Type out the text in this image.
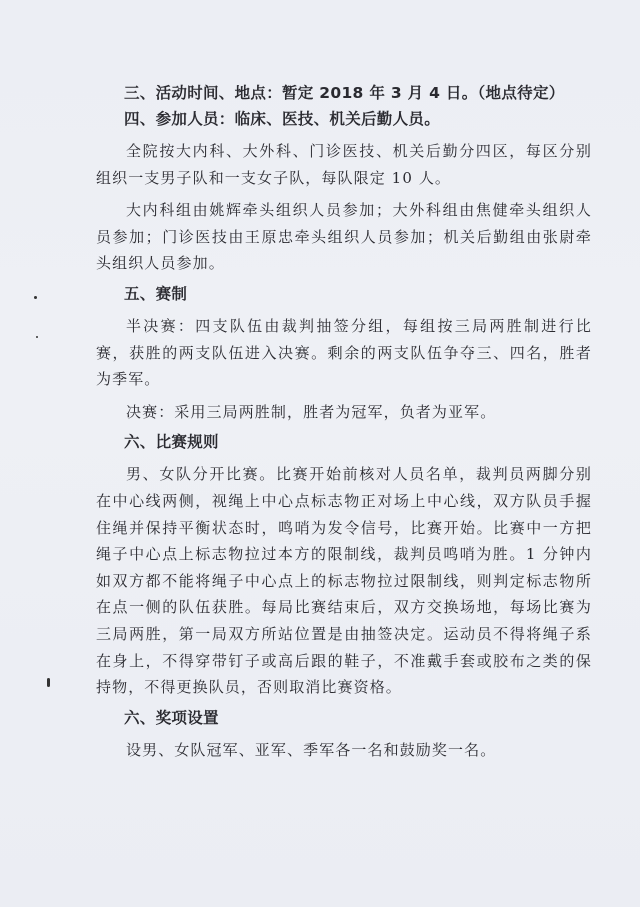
三、活动时间、地点：暂定 2018 年 3 月 4 日。（地点待定）
四、参加人员：临床、医技、机关后勤人员。

全院按大内科、大外科、门诊医技、机关后勤分四区，每区分别组织一支男子队和一支女子队，每队限定 10 人。

大内科组由姚辉牵头组织人员参加；大外科组由焦健牵头组织人员参加；门诊医技由王原忠牵头组织人员参加；机关后勤组由张尉牵头组织人员参加。

五、赛制

半决赛：四支队伍由裁判抽签分组，每组按三局两胜制进行比赛，获胜的两支队伍进入决赛。剩余的两支队伍争夺三、四名，胜者为季军。

决赛：采用三局两胜制，胜者为冠军，负者为亚军。

六、比赛规则

男、女队分开比赛。比赛开始前核对人员名单，裁判员两脚分别在中心线两侧，视绳上中心点标志物正对场上中心线，双方队员手握住绳并保持平衡状态时，鸣哨为发令信号，比赛开始。比赛中一方把绳子中心点上标志物拉过本方的限制线，裁判员鸣哨为胜。1 分钟内如双方都不能将绳子中心点上的标志物拉过限制线，则判定标志物所在点一侧的队伍获胜。每局比赛结束后，双方交换场地，每场比赛为三局两胜，第一局双方所站位置是由抽签决定。运动员不得将绳子系在身上，不得穿带钉子或高后跟的鞋子，不准戴手套或胶布之类的保持物，不得更换队员，否则取消比赛资格。

六、奖项设置

设男、女队冠军、亚军、季军各一名和鼓励奖一名。
